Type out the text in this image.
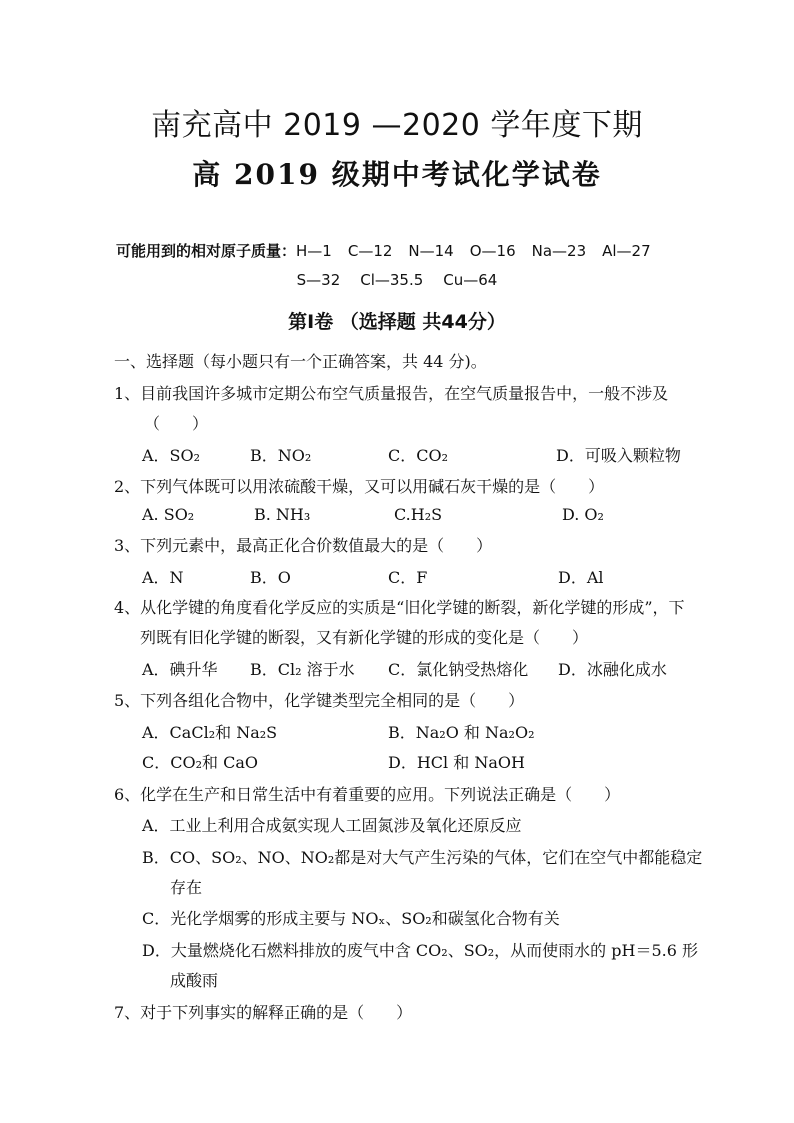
南充高中 2019 —2020 学年度下期
高 2019 级期中考试化学试卷
可能用到的相对原子质量：H—1 C—12 N—14 O—16 Na—23 Al—27
S—32 Cl—35.5 Cu—64
第Ⅰ卷 （选择题 共44分）
一、选择题（每小题只有一个正确答案，共 44 分)。
1、目前我国许多城市定期公布空气质量报告，在空气质量报告中，一般不涉及
（　　）
A．SO₂	B．NO₂	C．CO₂	D．可吸入颗粒物
2、下列气体既可以用浓硫酸干燥，又可以用碱石灰干燥的是（　　）
A. SO₂	B. NH₃	C.H₂S	D. O₂
3、下列元素中，最高正化合价数值最大的是（　　）
A．N	B．O	C．F	D．Al
4、从化学键的角度看化学反应的实质是“旧化学键的断裂，新化学键的形成”，下
列既有旧化学键的断裂，又有新化学键的形成的变化是（　　）
A．碘升华 B．Cl₂ 溶于水 C．氯化钠受热熔化 D．冰融化成水
5、下列各组化合物中，化学键类型完全相同的是（　　）
A．CaCl₂和 Na₂S	B．Na₂O 和 Na₂O₂
C．CO₂和 CaO	D．HCl 和 NaOH
6、化学在生产和日常生活中有着重要的应用。下列说法正确是（　　）
A．工业上利用合成氨实现人工固氮涉及氧化还原反应
B．CO、SO₂、NO、NO₂都是对大气产生污染的气体，它们在空气中都能稳定
存在
C．光化学烟雾的形成主要与 NOₓ、SO₂和碳氢化合物有关
D．大量燃烧化石燃料排放的废气中含 CO₂、SO₂，从而使雨水的 pH＝5.6 形
成酸雨
7、对于下列事实的解释正确的是（　　）
